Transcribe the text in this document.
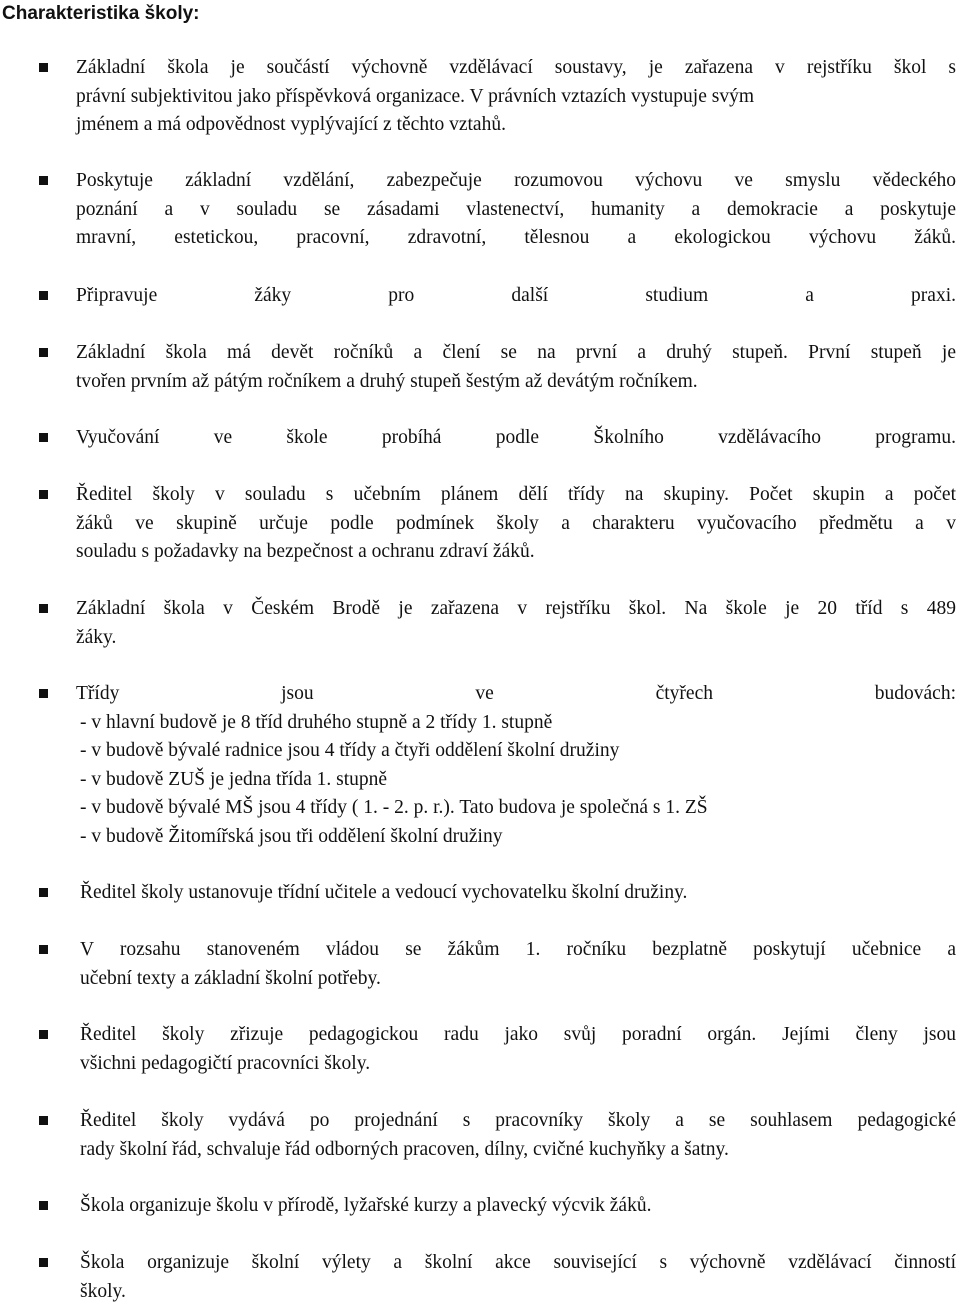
Charakteristika školy:
Základní škola je součástí výchovně vzdělávací soustavy, je zařazena v rejstříku škol s
právní subjektivitou jako příspěvková organizace. V právních vztazích vystupuje svým
jménem a má odpovědnost vyplývající z těchto vztahů.
Poskytuje základní vzdělání, zabezpečuje rozumovou výchovu ve smyslu vědeckého
poznání a v souladu se zásadami vlastenectví, humanity a demokracie a poskytuje
mravní, estetickou, pracovní, zdravotní, tělesnou a ekologickou výchovu žáků.
Připravuje žáky pro další studium a praxi.
Základní škola má devět ročníků a člení se na první a druhý stupeň. První stupeň je
tvořen prvním až pátým ročníkem a druhý stupeň šestým až devátým ročníkem.
Vyučování ve škole probíhá podle Školního vzdělávacího programu.
Ředitel školy v souladu s učebním plánem dělí třídy na skupiny. Počet skupin a počet
žáků ve skupině určuje podle podmínek školy a charakteru vyučovacího předmětu a v
souladu s požadavky na bezpečnost a ochranu zdraví žáků.
Základní škola v Českém Brodě je zařazena v rejstříku škol. Na škole je 20 tříd s 489
žáky.
Třídy jsou ve čtyřech budovách:
- v hlavní budově je 8 tříd druhého stupně a 2 třídy 1. stupně
- v budově bývalé radnice jsou 4 třídy a čtyři oddělení školní družiny
- v budově ZUŠ je jedna třída 1. stupně
- v budově bývalé MŠ jsou 4 třídy ( 1. - 2. p. r.). Tato budova je společná s 1. ZŠ
- v budově Žitomířská jsou tři oddělení školní družiny
Ředitel školy ustanovuje třídní učitele a vedoucí vychovatelku školní družiny.
V rozsahu stanoveném vládou se žákům 1. ročníku bezplatně poskytují učebnice a
učební texty a základní školní potřeby.
Ředitel školy zřizuje pedagogickou radu jako svůj poradní orgán. Jejími členy jsou
všichni pedagogičtí pracovníci školy.
Ředitel školy vydává po projednání s pracovníky školy a se souhlasem pedagogické
rady školní řád, schvaluje řád odborných pracoven, dílny, cvičné kuchyňky a šatny.
Škola organizuje školu v přírodě, lyžařské kurzy a plavecký výcvik žáků.
Škola organizuje školní výlety a školní akce související s výchovně vzdělávací činností
školy.
